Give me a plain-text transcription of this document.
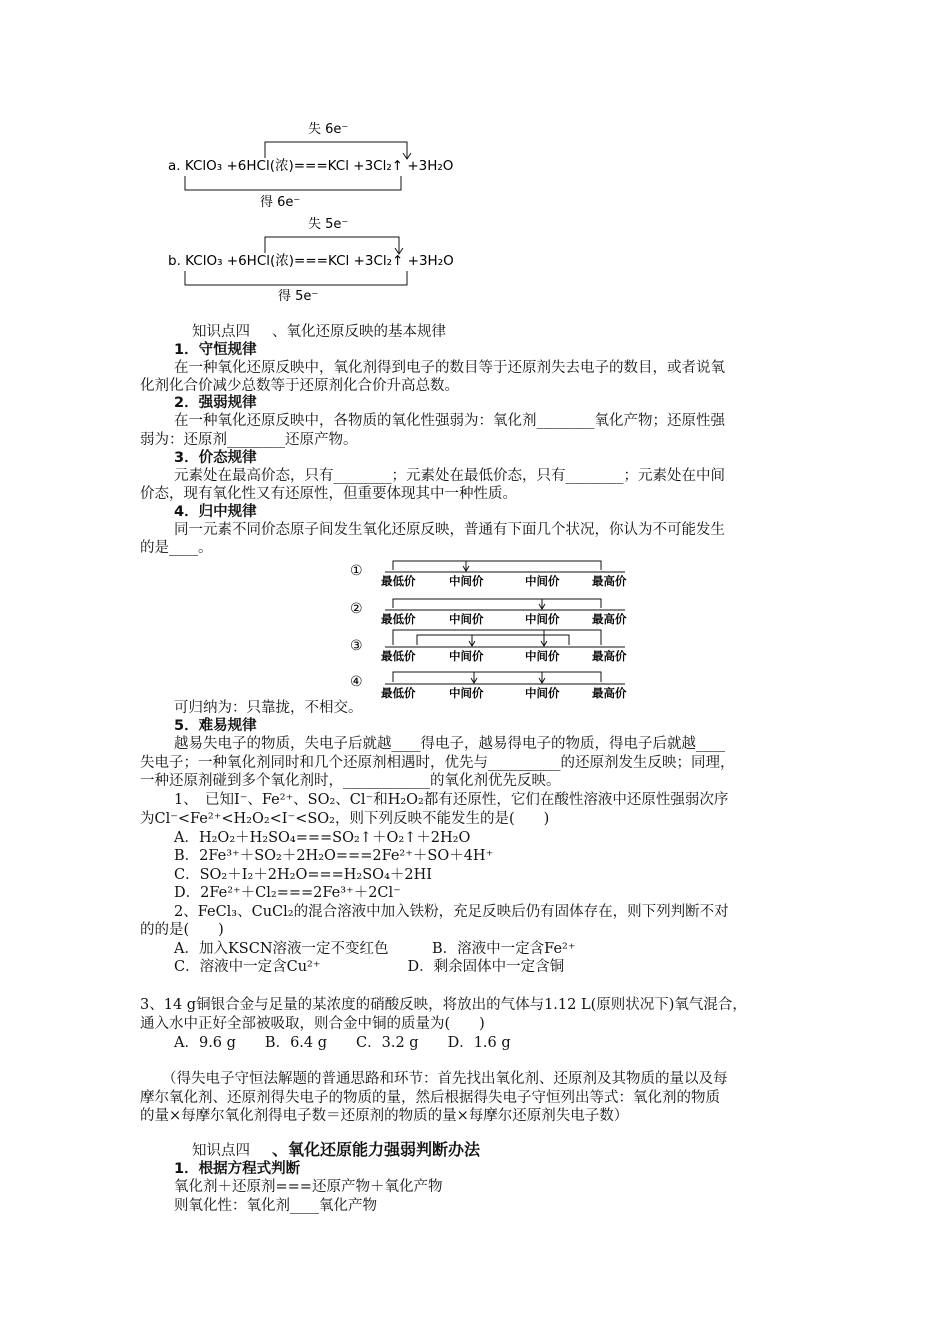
失 6e⁻
a. KClO₃ +6HCl(浓)===KCl +3Cl₂↑ +3H₂O
得 6e⁻
失 5e⁻
b. KClO₃ +6HCl(浓)===KCl +3Cl₂↑ +3H₂O
得 5e⁻
知识点四 、氧化还原反映的基本规律
1．守恒规律
在一种氧化还原反映中，氧化剂得到电子的数目等于还原剂失去电子的数目，或者说氧
化剂化合价减少总数等于还原剂化合价升高总数。
2．强弱规律
在一种氧化还原反映中，各物质的氧化性强弱为：氧化剂________氧化产物；还原性强
弱为：还原剂________还原产物。
3．价态规律
元素处在最高价态，只有________；元素处在最低价态，只有________；元素处在中间
价态，现有氧化性又有还原性，但重要体现其中一种性质。
4．归中规律
同一元素不同价态原子间发生氧化还原反映，普通有下面几个状况，你认为不可能发生
的是____。
①
最低价	中间价	中间价	最高价
②
最低价	中间价	中间价	最高价
③
最低价	中间价	中间价	最高价
④
最低价	中间价	中间价	最高价
可归纳为：只靠拢，不相交。
5．难易规律
越易失电子的物质，失电子后就越____得电子，越易得电子的物质，得电子后就越____
失电子；一种氧化剂同时和几个还原剂相遇时，优先与__________的还原剂发生反映；同理，
一种还原剂碰到多个氧化剂时，____________的氧化剂优先反映。
1、　已知I⁻、Fe²⁺、SO₂、Cl⁻和H₂O₂都有还原性，它们在酸性溶液中还原性强弱次序
为Cl⁻<Fe²⁺<H₂O₂<I⁻<SO₂，则下列反映不能发生的是(　　)
A．H₂O₂＋H₂SO₄===SO₂↑＋O₂↑＋2H₂O
B．2Fe³⁺＋SO₂＋2H₂O===2Fe²⁺＋SO＋4H⁺
C．SO₂＋I₂＋2H₂O===H₂SO₄＋2HI
D．2Fe²⁺＋Cl₂===2Fe³⁺＋2Cl⁻
2、FeCl₃、CuCl₂的混合溶液中加入铁粉，充足反映后仍有固体存在，则下列判断不对
的的是(　　)
A．加入KSCN溶液一定不变红色　　　B．溶液中一定含Fe²⁺
C．溶液中一定含Cu²⁺　　　　　　D．剩余固体中一定含铜
3、14 g铜银合金与足量的某浓度的硝酸反映，将放出的气体与1.12 L(原则状况下)氧气混合，
通入水中正好全部被吸取，则合金中铜的质量为(　　)
A．9.6 g　　B．6.4 g　　C．3.2 g　　D．1.6 g
（得失电子守恒法解题的普通思路和环节：首先找出氧化剂、还原剂及其物质的量以及每
摩尔氧化剂、还原剂得失电子的物质的量，然后根据得失电子守恒列出等式：氧化剂的物质
的量×每摩尔氧化剂得电子数＝还原剂的物质的量×每摩尔还原剂失电子数）
知识点四 、氧化还原能力强弱判断办法
1．根据方程式判断
氧化剂＋还原剂===还原产物＋氧化产物
则氧化性：氧化剂____氧化产物
